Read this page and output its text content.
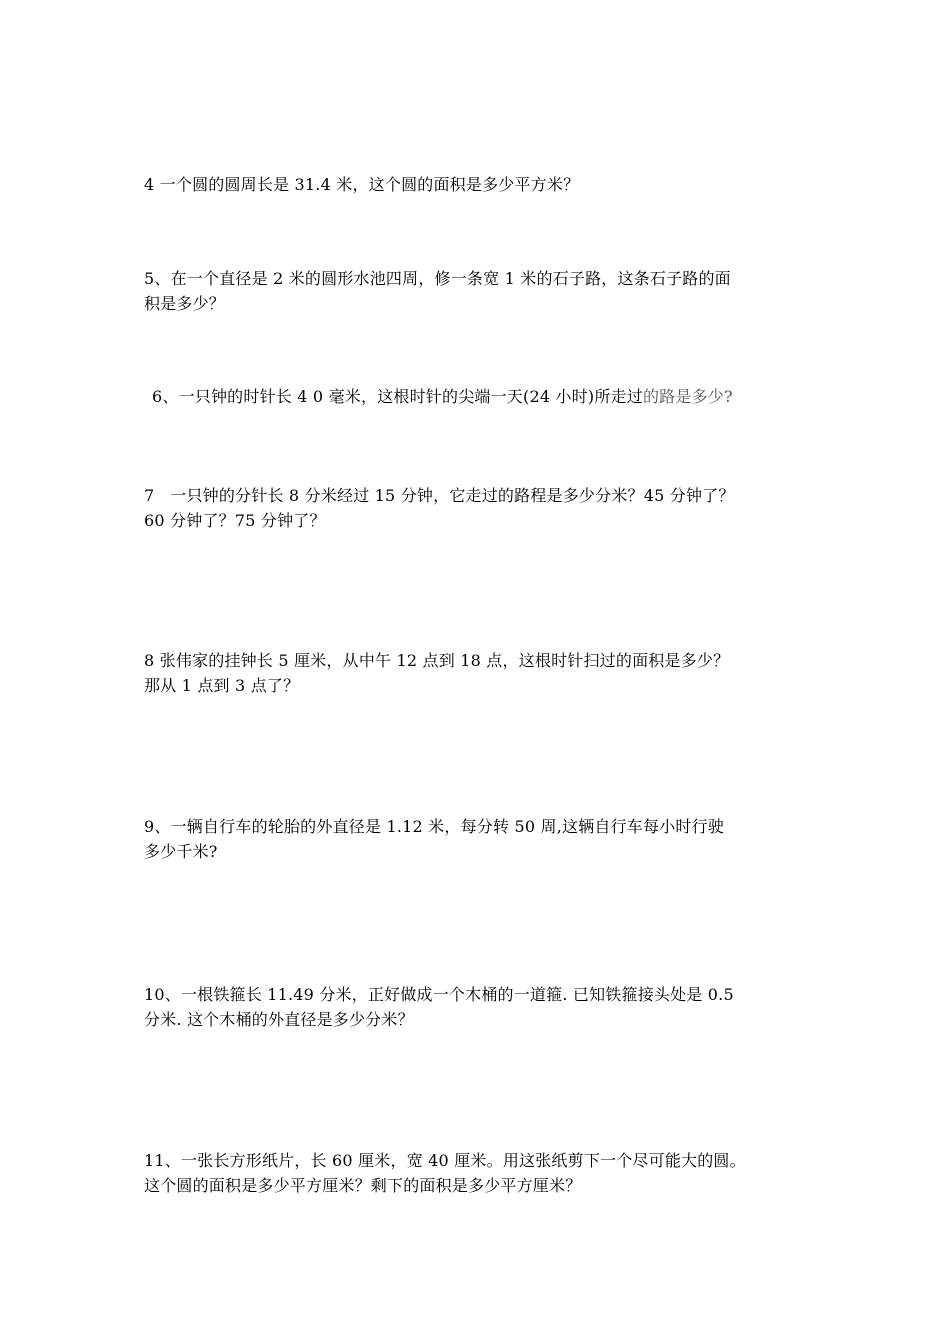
4 一个圆的圆周长是 31.4 米，这个圆的面积是多少平方米？
5、在一个直径是 2 米的圆形水池四周，修一条宽 1 米的石子路，这条石子路的面
积是多少？
6、一只钟的时针长 4 0 毫米，这根时针的尖端一天(24 小时)所走过的路是多少?
7   一只钟的分针长 8 分米经过 15 分钟，它走过的路程是多少分米？45 分钟了？
60 分钟了？75 分钟了？
8 张伟家的挂钟长 5 厘米，从中午 12 点到 18 点，这根时针扫过的面积是多少？
那从 1 点到 3 点了？
9、一辆自行车的轮胎的外直径是 1.12 米，每分转 50 周,这辆自行车每小时行驶
多少千米?
10、一根铁箍长 11.49 分米，正好做成一个木桶的一道箍. 已知铁箍接头处是 0.5
分米. 这个木桶的外直径是多少分米？
11、一张长方形纸片，长 60 厘米，宽 40 厘米。用这张纸剪下一个尽可能大的圆。
这个圆的面积是多少平方厘米？剩下的面积是多少平方厘米？
